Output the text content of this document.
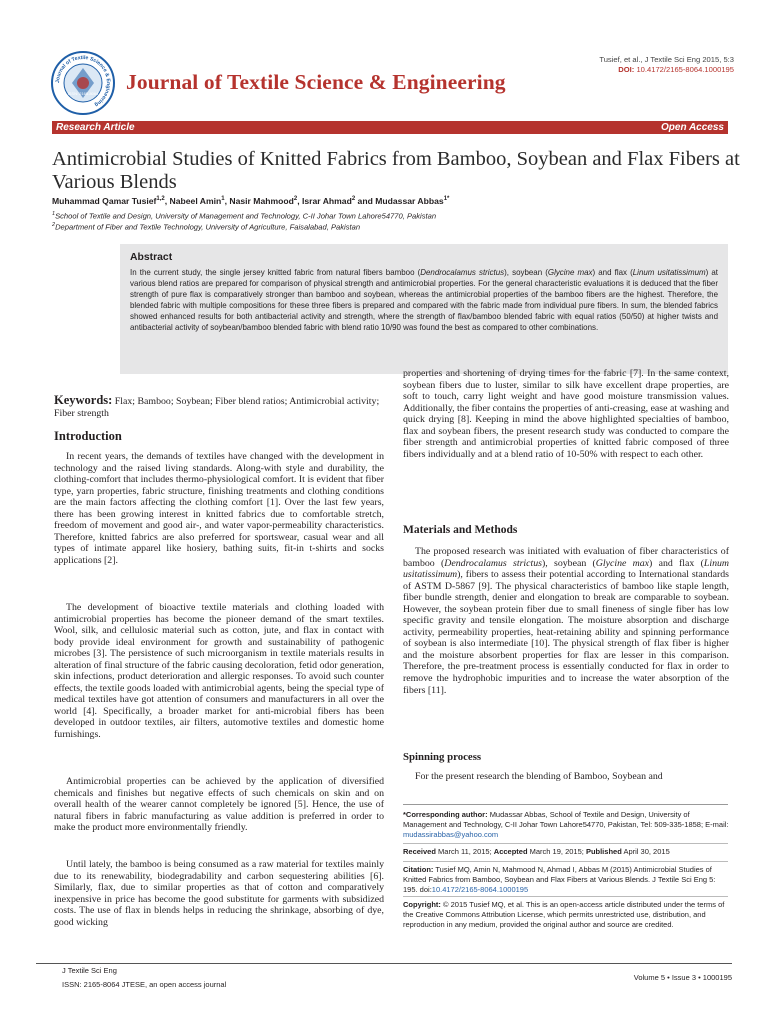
Journal of Textile Science & Engineering
ISSN: 2165-8064 Journal of Textile Science & Engineering
Tusief, et al., J Textile Sci Eng 2015, 5:3
DOI: 10.4172/2165-8064.1000195
Research Article	Open Access
Antimicrobial Studies of Knitted Fabrics from Bamboo, Soybean and Flax Fibers at Various Blends
Muhammad Qamar Tusief$^{1,2}$, Nabeel Amin$^1$, Nasir Mahmood$^2$, Israr Ahmad$^2$ and Mudassar Abbas$^{1*}$
$^1$School of Textile and Design, University of Management and Technology, C-II Johar Town Lahore54770, Pakistan
$^2$Department of Fiber and Textile Technology, University of Agriculture, Faisalabad, Pakistan
Abstract
In the current study, the single jersey knitted fabric from natural fibers bamboo (Dendrocalamus strictus), soybean (Glycine max) and flax (Linum usitatissimum) at various blend ratios are prepared for comparison of physical strength and antimicrobial properties. For the general characteristic evaluations it is deduced that the fiber strength of pure flax is comparatively stronger than bamboo and soybean, whereas the antimicrobial properties of the bamboo fibers are the highest. Therefore, the blended fabric with multiple compositions for these three fibers is prepared and compared with the fabric made from individual pure fibers. In sum, the blended fabrics showed enhanced results for both antibacterial activity and strength, where the strength of flax/bamboo blended fabric with equal ratios (50/50) at higher twists and antibacterial activity of soybean/bamboo blended fabric with blend ratio 10/90 was found the best as compared to other combinations.
Keywords: Flax; Bamboo; Soybean; Fiber blend ratios; Antimicrobial activity; Fiber strength
Introduction

In recent years, the demands of textiles have changed with the development in technology and the raised living standards. Along-with style and durability, the clothing-comfort that includes thermo-physiological comfort. It is evident that fiber type, yarn properties, fabric structure, finishing treatments and clothing conditions are the main factors affecting the clothing comfort [1]. Over the last few years, there has been growing interest in knitted fabrics due to comfortable stretch, freedom of movement and good air-, and water vapor-permeability characteristics. Therefore, knitted fabrics are also preferred for sportswear, casual wear and all types of intimate apparel like hosiery, bathing suits, fit-in t-shirts and socks applications [2].

The development of bioactive textile materials and clothing loaded with antimicrobial properties has become the pioneer demand of the smart textiles. Wool, silk, and cellulosic material such as cotton, jute, and flax in contact with body provide ideal environment for growth and sustainability of pathogenic microbes [3]. The persistence of such microorganism in textile materials results in alteration of final structure of the fabric causing decoloration, fetid odor generation, skin infections, product deterioration and allergic responses. To avoid such counter effects, the textile goods loaded with antimicrobial agents, being the special type of medical textiles have got attention of consumers and manufacturers in all over the world [4]. Specifically, a broader market for anti-microbial fibers has been developed in outdoor textiles, air filters, automotive textiles and domestic home furnishings.

Antimicrobial properties can be achieved by the application of diversified chemicals and finishes but negative effects of such chemicals on skin and on overall health of the wearer cannot completely be ignored [5]. Hence, the use of natural fibers in fabric manufacturing as value addition is preferred in order to make the product more environmentally friendly.

Until lately, the bamboo is being consumed as a raw material for textiles mainly due to its renewability, biodegradability and carbon sequestering abilities [6]. Similarly, flax, due to similar properties as that of cotton and comparatively inexpensive in price has become the good substitute for garments with subsidized costs. The use of flax in blends helps in reducing the shrinkage, absorbing of dye, good wicking

properties and shortening of drying times for the fabric [7]. In the same context, soybean fibers due to luster, similar to silk have excellent drape properties, are soft to touch, carry light weight and have good moisture transmission values. Additionally, the fiber contains the properties of anti-creasing, ease at washing and quick drying [8]. Keeping in mind the above highlighted specialties of bamboo, flax and soybean fibers, the present research study was conducted to compare the fiber strength and antimicrobial properties of knitted fabric composed of three fibers individually and at a blend ratio of 10-50% with respect to each other.

Materials and Methods

The proposed research was initiated with evaluation of fiber characteristics of bamboo (Dendrocalamus strictus), soybean (Glycine max) and flax (Linum usitatissimum), fibers to assess their potential according to International standards of ASTM D-5867 [9]. The physical characteristics of bamboo like staple length, fiber bundle strength, denier and elongation to break are comparable to soybean. However, the soybean protein fiber due to small fineness of single fiber has low specific gravity and tensile elongation. The moisture absorption and discharge activity, permeability properties, heat-retaining ability and spinning performance of soybean is also intermediate [10]. The physical strength of flax fiber is higher and the moisture absorbent properties for flax are lesser in this comparison. Therefore, the pre-treatment process is essentially conducted for flax in order to remove the hydrophobic impurities and to increase the water absorption of the fibers [11].

Spinning process

For the present research the blending of Bamboo, Soybean and

*Corresponding author: Mudassar Abbas, School of Textile and Design, University of Management and Technology, C-II Johar Town Lahore54770, Pakistan, Tel: 509-335-1858; E-mail: mudassirabbas@yahoo.com
Received March 11, 2015; Accepted March 19, 2015; Published April 30, 2015
Citation: Tusief MQ, Amin N, Mahmood N, Ahmad I, Abbas M (2015) Antimicrobial Studies of Knitted Fabrics from Bamboo, Soybean and Flax Fibers at Various Blends. J Textile Sci Eng 5: 195. doi:10.4172/2165-8064.1000195
Copyright: © 2015 Tusief MQ, et al. This is an open-access article distributed under the terms of the Creative Commons Attribution License, which permits unrestricted use, distribution, and reproduction in any medium, provided the original author and source are credited.
J Textile Sci Eng
ISSN: 2165-8064 JTESE, an open access journal
Volume 5 • Issue 3 • 1000195
